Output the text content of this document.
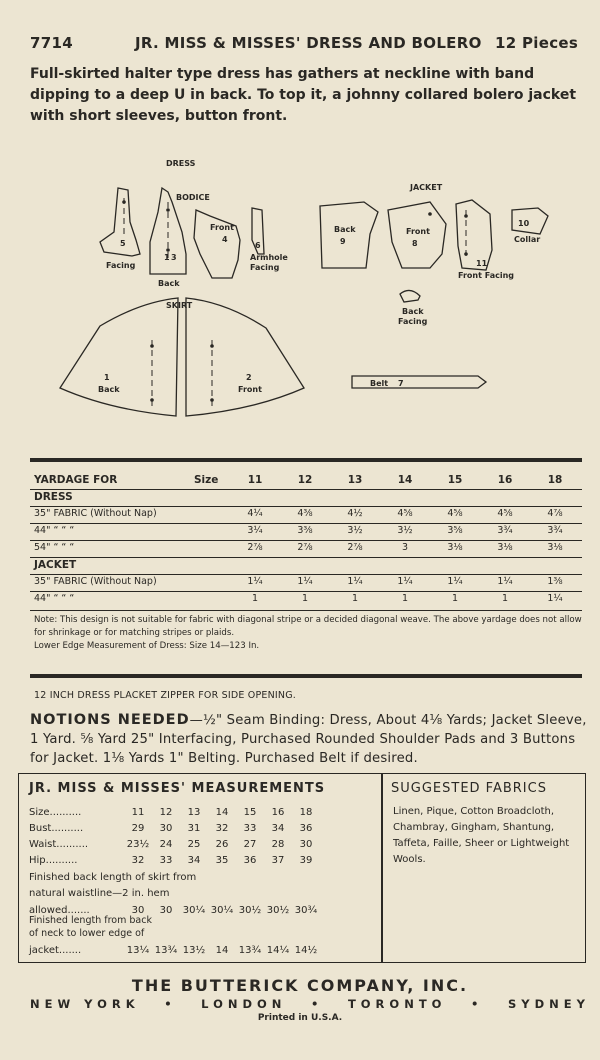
7714	JR. MISS & MISSES' DRESS AND BOLERO 12 Pieces
Full-skirted halter type dress has gathers at neckline with band dipping to a deep U in back. To top it, a johnny collared bolero jacket with short sleeves, button front.
DRESS
BODICE
SKIRT
JACKET
5
Facing
3
1
Back
Front
4
6
Armhole
Facing
1
Back
2
Front
Back
9
Front
8
Front Facing
11
10
Collar
Back
Facing
Belt 7
YARDAGE FOR	Size	11	12	13	14	15	16	18
DRESS								
35" FABRIC (Without Nap)		4¼	4⅜	4½	4⅝	4⅝	4⅝	4⅞
44" “ “ “		3¼	3⅜	3½	3½	3⅝	3¾	3¾
54" “ “ “		2⅞	2⅞	2⅞	3	3⅛	3⅛	3⅛
JACKET								
35" FABRIC (Without Nap)		1¼	1¼	1¼	1¼	1¼	1¼	1⅜
44" “ “ “		1	1	1	1	1	1	1¼
Note: This design is not suitable for fabric with diagonal stripe or a decided diagonal weave. The above yardage does not allow for shrinkage or for matching stripes or plaids.
Lower Edge Measurement of Dress: Size 14—123 In.
12 INCH DRESS PLACKET ZIPPER FOR SIDE OPENING.
NOTIONS NEEDED—½" Seam Binding: Dress, About 4⅛ Yards; Jacket Sleeve, 1 Yard. ⅝ Yard 25" Interfacing, Purchased Rounded Shoulder Pads and 3 Buttons for Jacket. 1⅛ Yards 1" Belting. Purchased Belt if desired.
JR. MISS & MISSES' MEASUREMENTS
Size..........	11	12	13	14	15	16	18
Bust..........	29	30	31	32	33	34	36
Waist..........	23½	24	25	26	27	28	30
Hip..........	32	33	34	35	36	37	39
Finished back length of skirt from
natural waistline—2 in. hem
allowed.......	30	30	30¼	30¼	30½	30½	30¾
Finished length from back
of neck to lower edge of
jacket.......	13¼	13¾	13½	14	13¾	14¼	14½
SUGGESTED FABRICS
Linen, Pique, Cotton Broadcloth, Chambray, Gingham, Shantung, Taffeta, Faille, Sheer or Lightweight Wools.
THE BUTTERICK COMPANY, INC.
NEW YORK • LONDON • TORONTO • SYDNEY
Printed in U.S.A.
